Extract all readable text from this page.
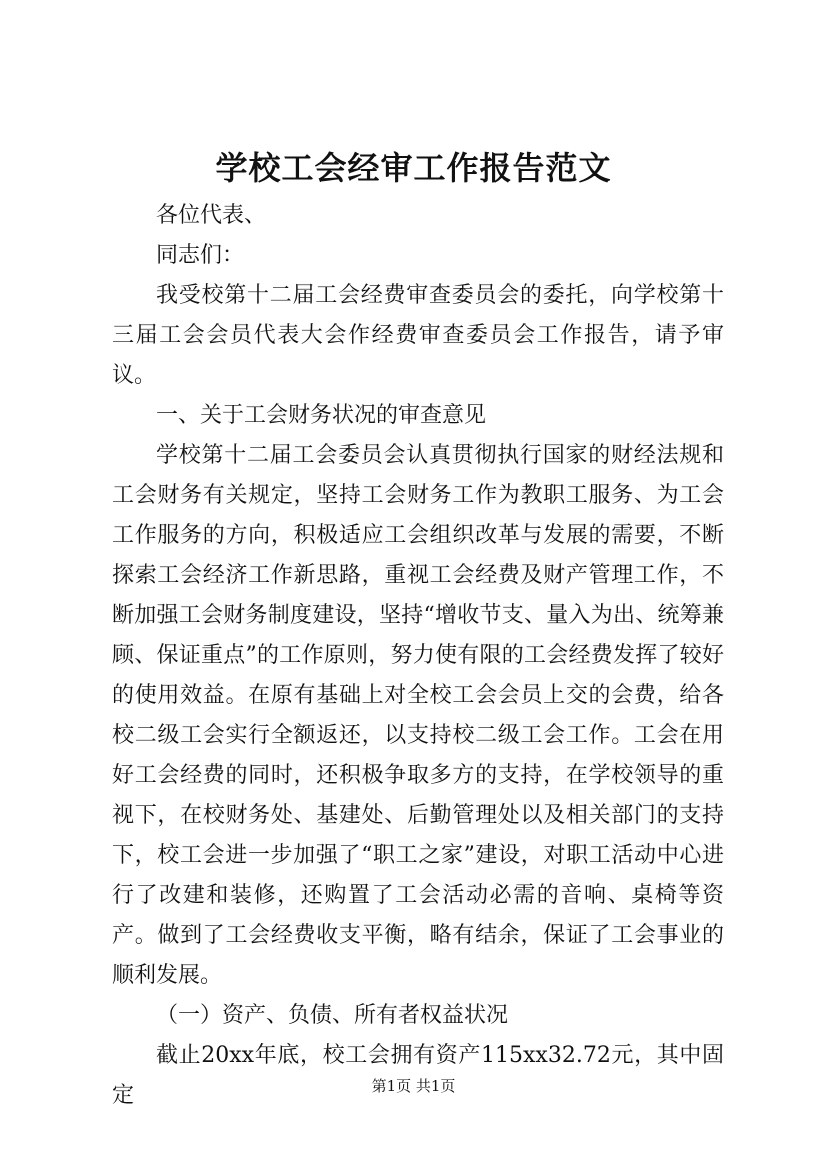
学校工会经审工作报告范文

各位代表、

同志们：

我受校第十二届工会经费审查委员会的委托，向学校第十三届工会会员代表大会作经费审查委员会工作报告，请予审议。

一、关于工会财务状况的审查意见

学校第十二届工会委员会认真贯彻执行国家的财经法规和工会财务有关规定，坚持工会财务工作为教职工服务、为工会工作服务的方向，积极适应工会组织改革与发展的需要，不断探索工会经济工作新思路，重视工会经费及财产管理工作，不断加强工会财务制度建设，坚持“增收节支、量入为出、统筹兼顾、保证重点”的工作原则，努力使有限的工会经费发挥了较好的使用效益。在原有基础上对全校工会会员上交的会费，给各校二级工会实行全额返还，以支持校二级工会工作。工会在用好工会经费的同时，还积极争取多方的支持，在学校领导的重视下，在校财务处、基建处、后勤管理处以及相关部门的支持下，校工会进一步加强了“职工之家”建设，对职工活动中心进行了改建和装修，还购置了工会活动必需的音响、桌椅等资产。做到了工会经费收支平衡，略有结余，保证了工会事业的顺利发展。

（一）资产、负债、所有者权益状况

截止20xx年底，校工会拥有资产115xx32.72元，其中固定	第1页 共1页
